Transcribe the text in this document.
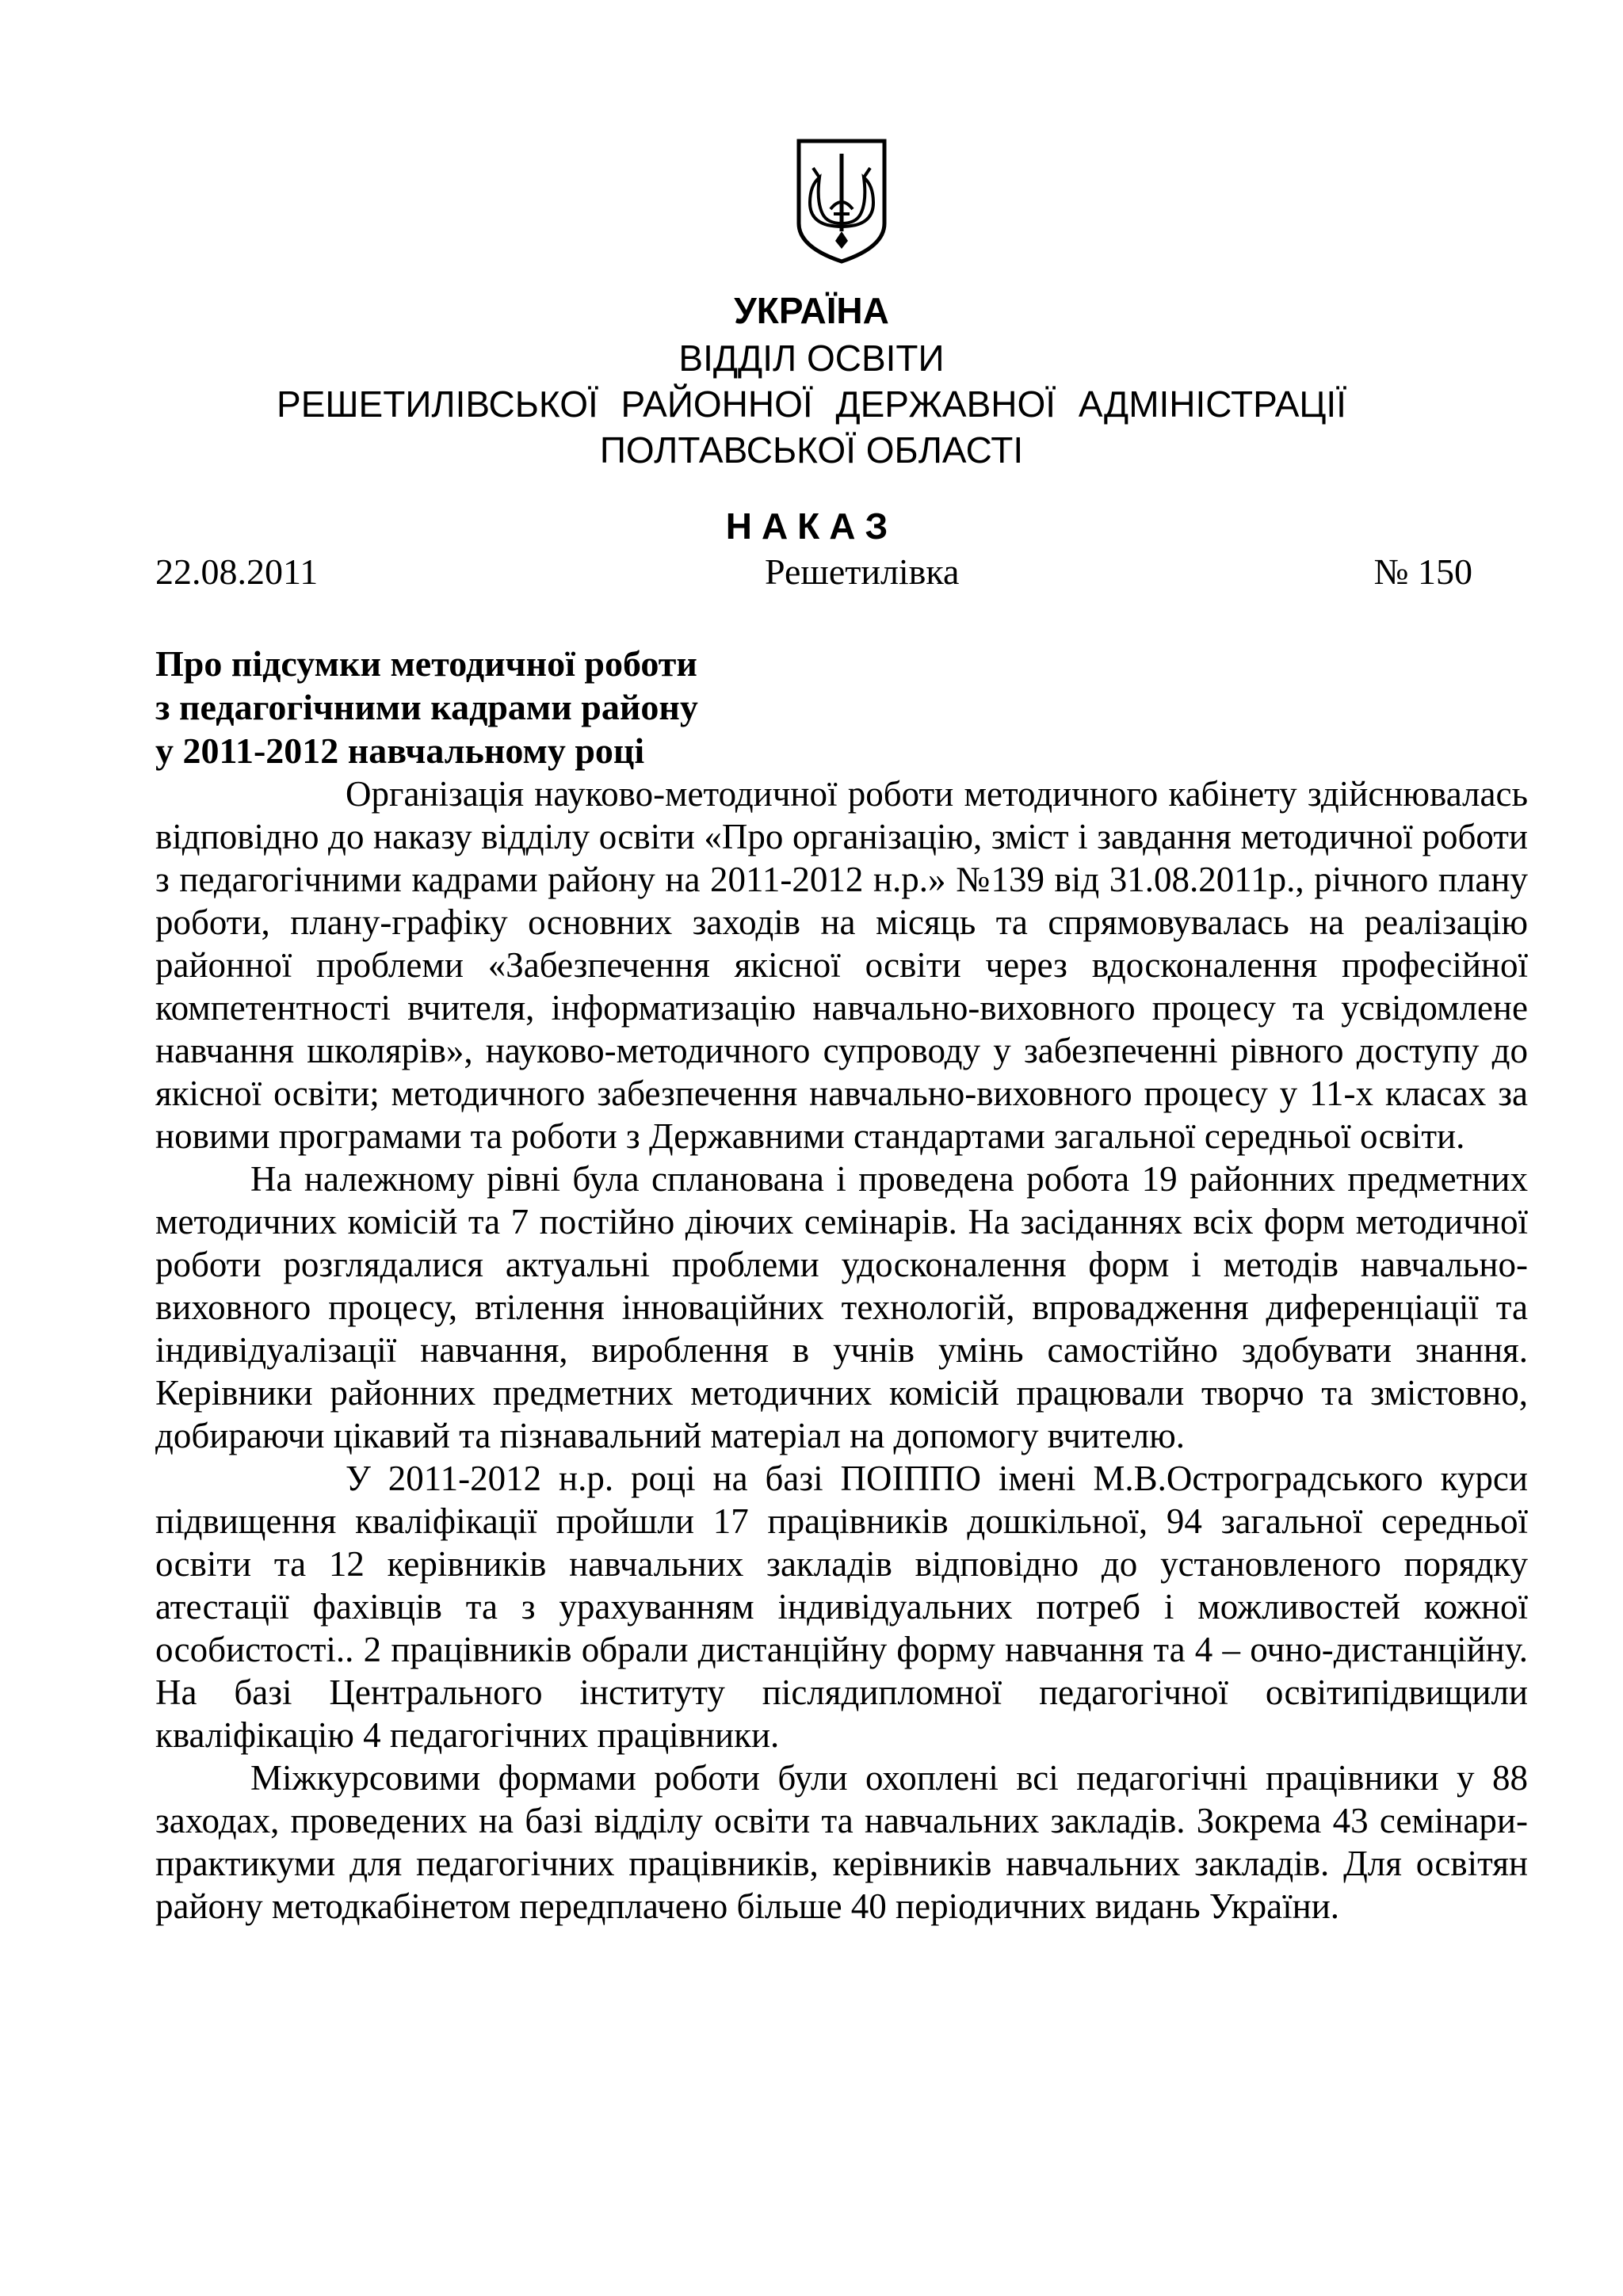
УКРАЇНА
ВІДДІЛ ОСВІТИ
РЕШЕТИЛІВСЬКОЇ РАЙОННОЇ ДЕРЖАВНОЇ АДМІНІСТРАЦІЇ
ПОЛТАВСЬКОЇ ОБЛАСТІ
НАКАЗ
22.08.2011	Решетилівка	№ 150
Про підсумки методичної роботи
з педагогічними кадрами району
у 2011-2012 навчальному році

Організація науково-методичної роботи методичного кабінету здійснювалась відповідно до наказу відділу освіти «Про організацію, зміст і завдання методичної роботи з педагогічними кадрами району на 2011-2012 н.р.» №139 від 31.08.2011р., річного плану роботи, плану-графіку основних заходів на місяць та спрямовувалась на реалізацію районної проблеми «Забезпечення якісної освіти через вдосконалення професійної компетентності вчителя, інформатизацію навчально-виховного процесу та усвідомлене навчання школярів», науково-методичного супроводу у забезпеченні рівного доступу до якісної освіти; методичного забезпечення навчально-виховного процесу у 11-х класах за новими програмами та роботи з Державними стандартами загальної середньої освіти.

На належному рівні була спланована і проведена робота 19 районних предметних методичних комісій та 7 постійно діючих семінарів. На засіданнях всіх форм методичної роботи розглядалися актуальні проблеми удосконалення форм і методів навчально-виховного процесу, втілення інноваційних технологій, впровадження диференціації та індивідуалізації навчання, вироблення в учнів умінь самостійно здобувати знання. Керівники районних предметних методичних комісій працювали творчо та змістовно, добираючи цікавий та пізнавальний матеріал на допомогу вчителю.

У 2011-2012 н.р. році на базі ПОІППО імені М.В.Остроградського курси підвищення кваліфікації пройшли 17 працівників дошкільної, 94 загальної середньої освіти та 12 керівників навчальних закладів відповідно до установленого порядку атестації фахівців та з урахуванням індивідуальних потреб і можливостей кожної особистості.. 2 працівників обрали дистанційну форму навчання та 4 – очно-дистанційну. На базі Центрального інституту післядипломної педагогічної освітипідвищили кваліфікацію 4 педагогічних працівники.

Міжкурсовими формами роботи були охоплені всі педагогічні працівники у 88 заходах, проведених на базі відділу освіти та навчальних закладів. Зокрема 43 семінари-практикуми для педагогічних працівників, керівників навчальних закладів. Для освітян району методкабінетом передплачено більше 40 періодичних видань України.
